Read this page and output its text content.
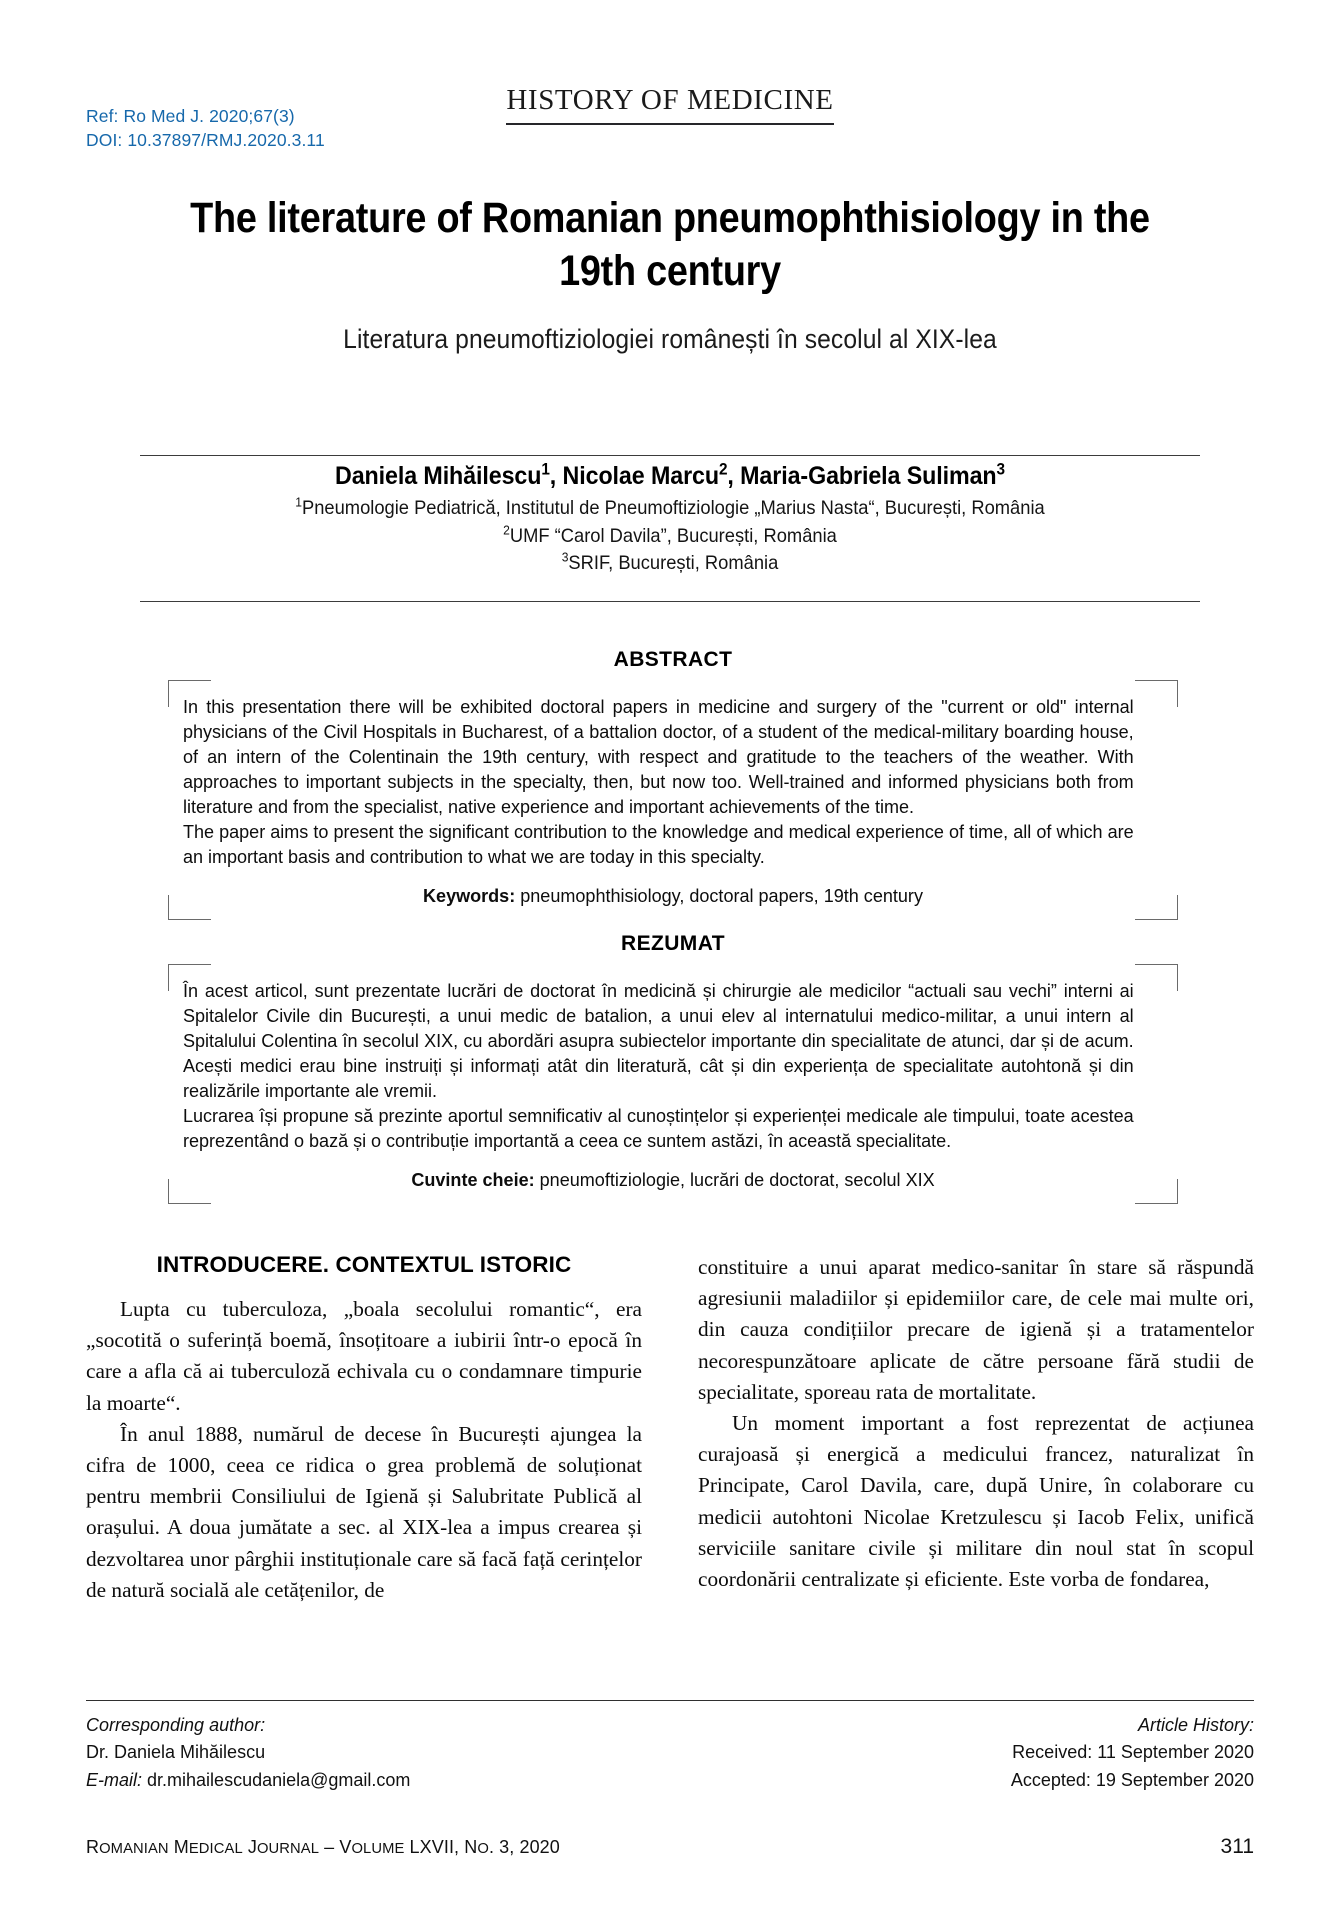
HISTORY OF MEDICINE
Ref: Ro Med J. 2020;67(3)
DOI: 10.37897/RMJ.2020.3.11
The literature of Romanian pneumophthisiology in the 19th century
Literatura pneumoftiziologiei românești în secolul al XIX-lea
Daniela Mihăilescu$^1$, Nicolae Marcu$^2$, Maria-Gabriela Suliman$^3$
$^1$Pneumologie Pediatrică, Institutul de Pneumoftiziologie „Marius Nasta“, București, România
$^2$UMF “Carol Davila”, București, România
$^3$SRIF, București, România
ABSTRACT

In this presentation there will be exhibited doctoral papers in medicine and surgery of the "current or old" internal physicians of the Civil Hospitals in Bucharest, of a battalion doctor, of a student of the medical-military boarding house, of an intern of the Colentinain the 19th century, with respect and gratitude to the teachers of the weather. With approaches to important subjects in the specialty, then, but now too. Well-trained and informed physicians both from literature and from the specialist, native experience and important achievements of the time.

The paper aims to present the significant contribution to the knowledge and medical experience of time, all of which are an important basis and contribution to what we are today in this specialty.

Keywords: pneumophthisiology, doctoral papers, 19th century
REZUMAT

În acest articol, sunt prezentate lucrări de doctorat în medicină și chirurgie ale medicilor “actuali sau vechi” interni ai Spitalelor Civile din București, a unui medic de batalion, a unui elev al internatului medico-militar, a unui intern al Spitalului Colentina în secolul XIX, cu abordări asupra subiectelor importante din specialitate de atunci, dar și de acum. Acești medici erau bine instruiți și informați atât din literatură, cât și din experiența de specialitate autohtonă și din realizările importante ale vremii.

Lucrarea își propune să prezinte aportul semnificativ al cunoștințelor și experienței medicale ale timpului, toate acestea reprezentând o bază și o contribuție importantă a ceea ce suntem astăzi, în această specialitate.

Cuvinte cheie: pneumoftiziologie, lucrări de doctorat, secolul XIX
INTRODUCERE. CONTEXTUL ISTORIC

Lupta cu tuberculoza, „boala secolului romantic“, era „socotită o suferință boemă, însoțitoare a iubirii într-o epocă în care a afla că ai tuberculoză echivala cu o condamnare timpurie la moarte“.

În anul 1888, numărul de decese în București ajungea la cifra de 1000, ceea ce ridica o grea problemă de soluționat pentru membrii Consiliului de Igienă și Salubritate Publică al orașului. A doua jumătate a sec. al XIX-lea a impus crearea și dezvoltarea unor pârghii instituționale care să facă față cerințelor de natură socială ale cetățenilor, de

constituire a unui aparat medico-sanitar în stare să răspundă agresiunii maladiilor și epidemiilor care, de cele mai multe ori, din cauza condițiilor precare de igienă și a tratamentelor necorespunzătoare aplicate de către persoane fără studii de specialitate, sporeau rata de mortalitate.

Un moment important a fost reprezentat de acțiunea curajoasă și energică a medicului francez, naturalizat în Principate, Carol Davila, care, după Unire, în colaborare cu medicii autohtoni Nicolae Kretzulescu și Iacob Felix, unifică serviciile sanitare civile și militare din noul stat în scopul coordonării centralizate și eficiente. Este vorba de fondarea,

Corresponding author:
Dr. Daniela Mihăilescu
E-mail: dr.mihailescudaniela@gmail.com
Article History:
Received: 11 September 2020
Accepted: 19 September 2020
ROMANIAN MEDICAL JOURNAL – VOLUME LXVII, NO. 3, 2020	311
